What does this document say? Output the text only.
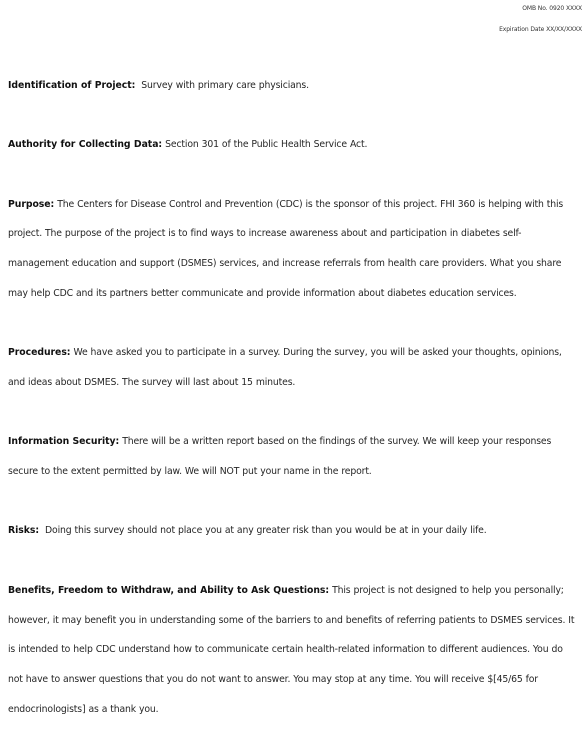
OMB No. 0920 XXXX
Expiration Date XX/XX/XXXX

Identification of Project: Survey with primary care physicians.

Authority for Collecting Data: Section 301 of the Public Health Service Act.

Purpose: The Centers for Disease Control and Prevention (CDC) is the sponsor of this project. FHI 360 is helping with this project. The purpose of the project is to find ways to increase awareness about and participation in diabetes self-management education and support (DSMES) services, and increase referrals from health care providers. What you share may help CDC and its partners better communicate and provide information about diabetes education services.

Procedures: We have asked you to participate in a survey. During the survey, you will be asked your thoughts, opinions, and ideas about DSMES. The survey will last about 15 minutes.

Information Security: There will be a written report based on the findings of the survey. We will keep your responses secure to the extent permitted by law. We will NOT put your name in the report.

Risks: Doing this survey should not place you at any greater risk than you would be at in your daily life.

Benefits, Freedom to Withdraw, and Ability to Ask Questions: This project is not designed to help you personally; however, it may benefit you in understanding some of the barriers to and benefits of referring patients to DSMES services. It is intended to help CDC understand how to communicate certain health-related information to different audiences. You do not have to answer questions that you do not want to answer. You may stop at any time. You will receive $[45/65 for endocrinologists] as a thank you.
